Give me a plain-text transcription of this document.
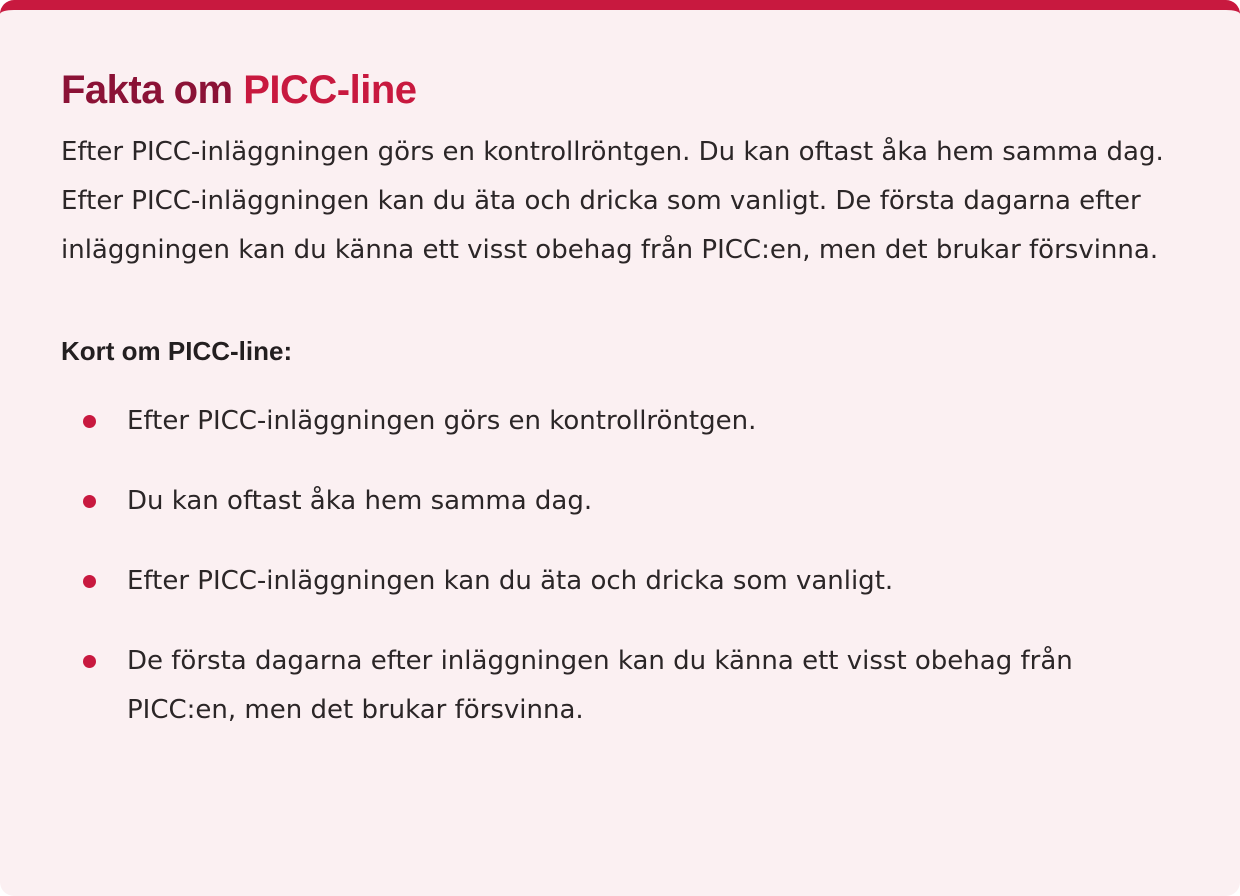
Fakta om PICC-line

Efter PICC-inläggningen görs en kontrollröntgen. Du kan oftast åka hem samma dag. Efter PICC-inläggningen kan du äta och dricka som vanligt. De första dagarna efter inläggningen kan du känna ett visst obehag från PICC:en, men det brukar försvinna.

Kort om PICC-line:
Efter PICC-inläggningen görs en kontrollröntgen.
Du kan oftast åka hem samma dag.
Efter PICC-inläggningen kan du äta och dricka som vanligt.
De första dagarna efter inläggningen kan du känna ett visst obehag från PICC:en, men det brukar försvinna.
